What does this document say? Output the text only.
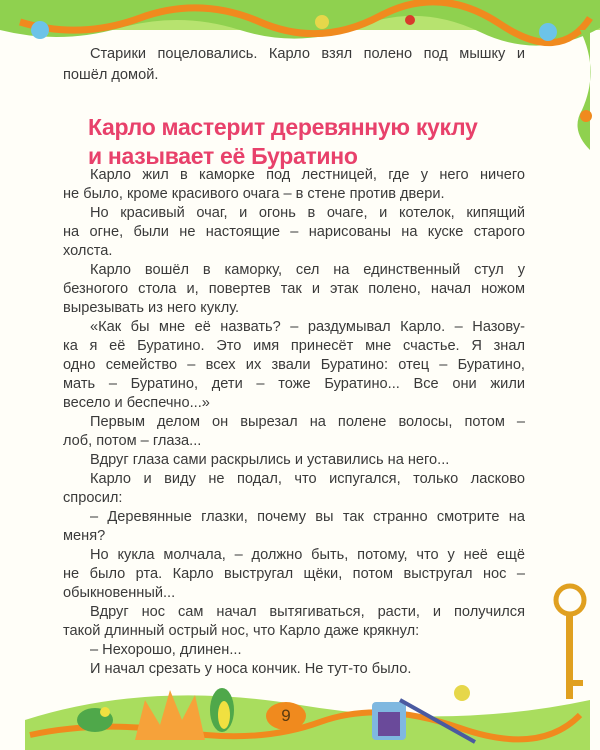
Старики поцеловались. Карло взял полено под мышку и
пошёл домой.
Карло мастерит деревянную куклу
и называет её Буратино
Карло жил в каморке под лестницей, где у него ничего
не было, кроме красивого очага – в стене против двери.
Но красивый очаг, и огонь в очаге, и котелок, кипящий
на огне, были не настоящие – нарисованы на куске старого
холста.
Карло вошёл в каморку, сел на единственный стул у
безногого стола и, повертев так и этак полено, начал ножом
вырезывать из него куклу.
«Как бы мне её назвать? – раздумывал Карло. – Назову-
ка я её Буратино. Это имя принесёт мне счастье. Я знал
одно семейство – всех их звали Буратино: отец – Буратино,
мать – Буратино, дети – тоже Буратино... Все они жили
весело и беспечно...»
Первым делом он вырезал на полене волосы, потом –
лоб, потом – глаза...
Вдруг глаза сами раскрылись и уставились на него...
Карло и виду не подал, что испугался, только ласково
спросил:
– Деревянные глазки, почему вы так странно смотрите на
меня?
Но кукла молчала, – должно быть, потому, что у неё ещё
не было рта. Карло выстругал щёки, потом выстругал нос –
обыкновенный...
Вдруг нос сам начал вытягиваться, расти, и получился
такой длинный острый нос, что Карло даже крякнул:
– Нехорошо, длинен...
И начал срезать у носа кончик. Не тут-то было.
9
